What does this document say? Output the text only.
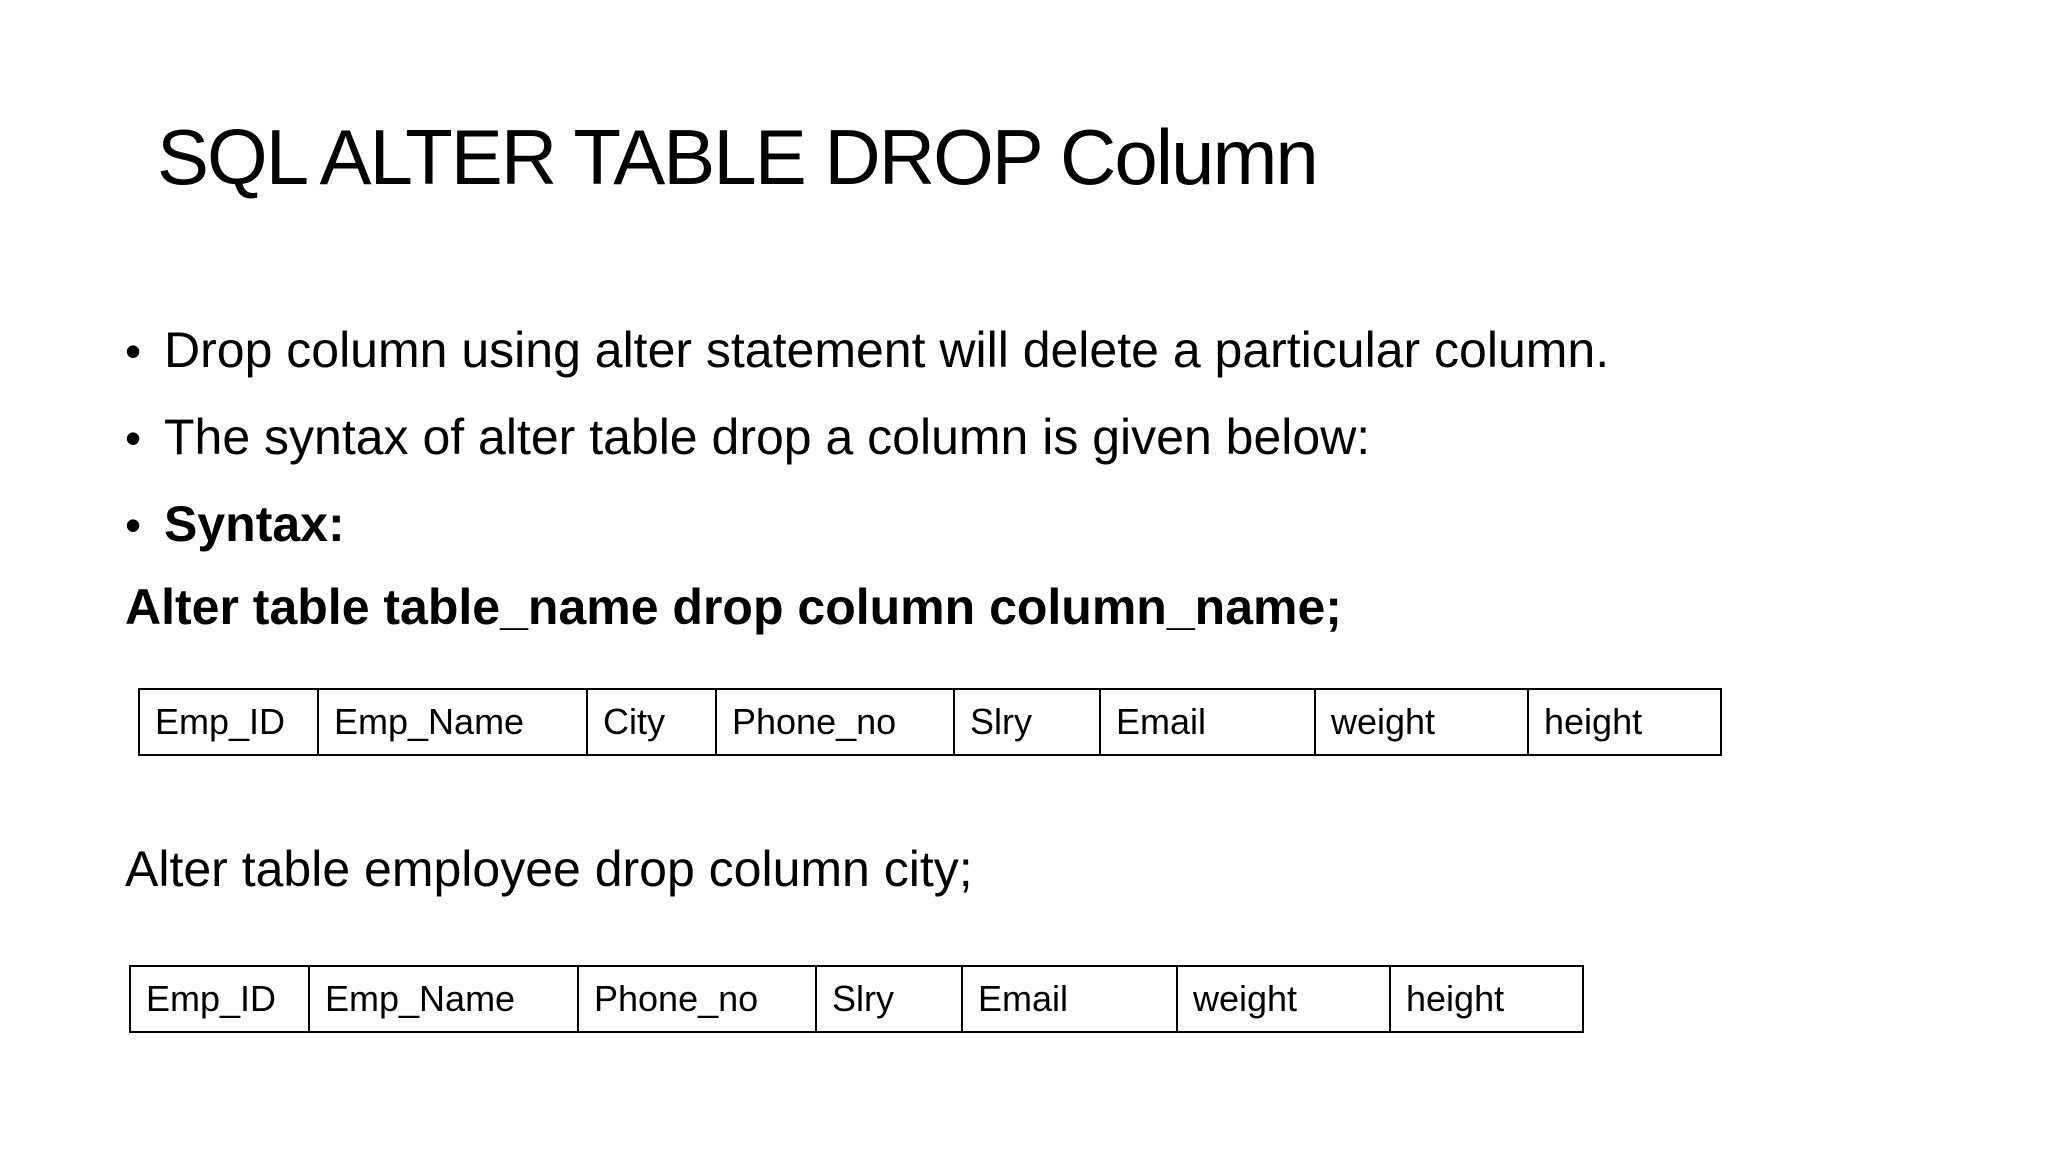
SQL ALTER TABLE DROP Column
• Drop column using alter statement will delete a particular column.
• The syntax of alter table drop a column is given below:
• Syntax:

Alter table table_name drop column column_name;

Emp_ID	Emp_Name	City	Phone_no	Slry	Email	weight	height

Alter table employee drop column city;

Emp_ID	Emp_Name	Phone_no	Slry	Email	weight	height
